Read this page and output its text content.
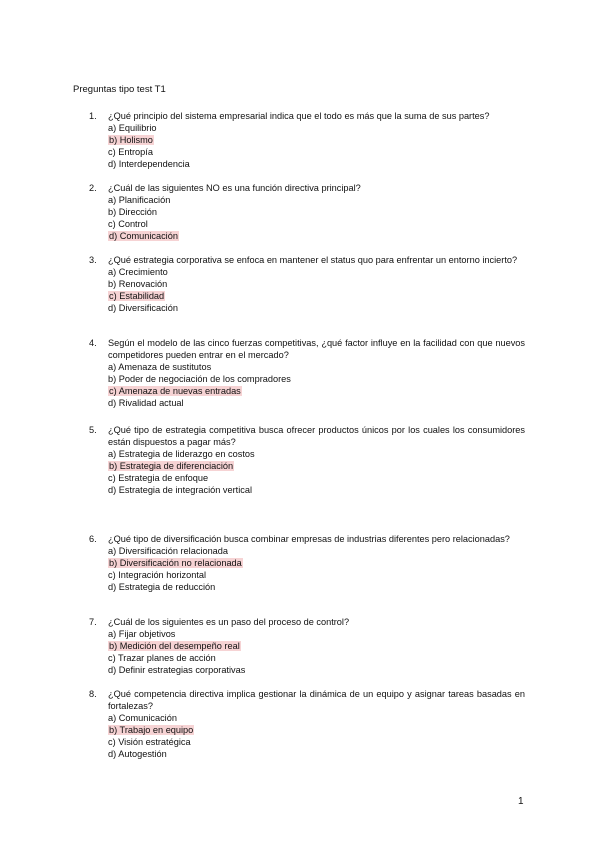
Preguntas tipo test T1
1.	¿Qué principio del sistema empresarial indica que el todo es más que la suma de sus partes?
a) Equilibrio
b) Holismo
c) Entropía
d) Interdependencia
2.	¿Cuál de las siguientes NO es una función directiva principal?
a) Planificación
b) Dirección
c) Control
d) Comunicación
3.	¿Qué estrategia corporativa se enfoca en mantener el status quo para enfrentar un entorno incierto?
a) Crecimiento
b) Renovación
c) Estabilidad
d) Diversificación
4.	Según el modelo de las cinco fuerzas competitivas, ¿qué factor influye en la facilidad con que nuevos competidores pueden entrar en el mercado?
a) Amenaza de sustitutos
b) Poder de negociación de los compradores
c) Amenaza de nuevas entradas
d) Rivalidad actual
5.	¿Qué tipo de estrategia competitiva busca ofrecer productos únicos por los cuales los consumidores están dispuestos a pagar más?
a) Estrategia de liderazgo en costos
b) Estrategia de diferenciación
c) Estrategia de enfoque
d) Estrategia de integración vertical
6.	¿Qué tipo de diversificación busca combinar empresas de industrias diferentes pero relacionadas?
a) Diversificación relacionada
b) Diversificación no relacionada
c) Integración horizontal
d) Estrategia de reducción
7.	¿Cuál de los siguientes es un paso del proceso de control?
a) Fijar objetivos
b) Medición del desempeño real
c) Trazar planes de acción
d) Definir estrategias corporativas
8.	¿Qué competencia directiva implica gestionar la dinámica de un equipo y asignar tareas basadas en fortalezas?
a) Comunicación
b) Trabajo en equipo
c) Visión estratégica
d) Autogestión
1
